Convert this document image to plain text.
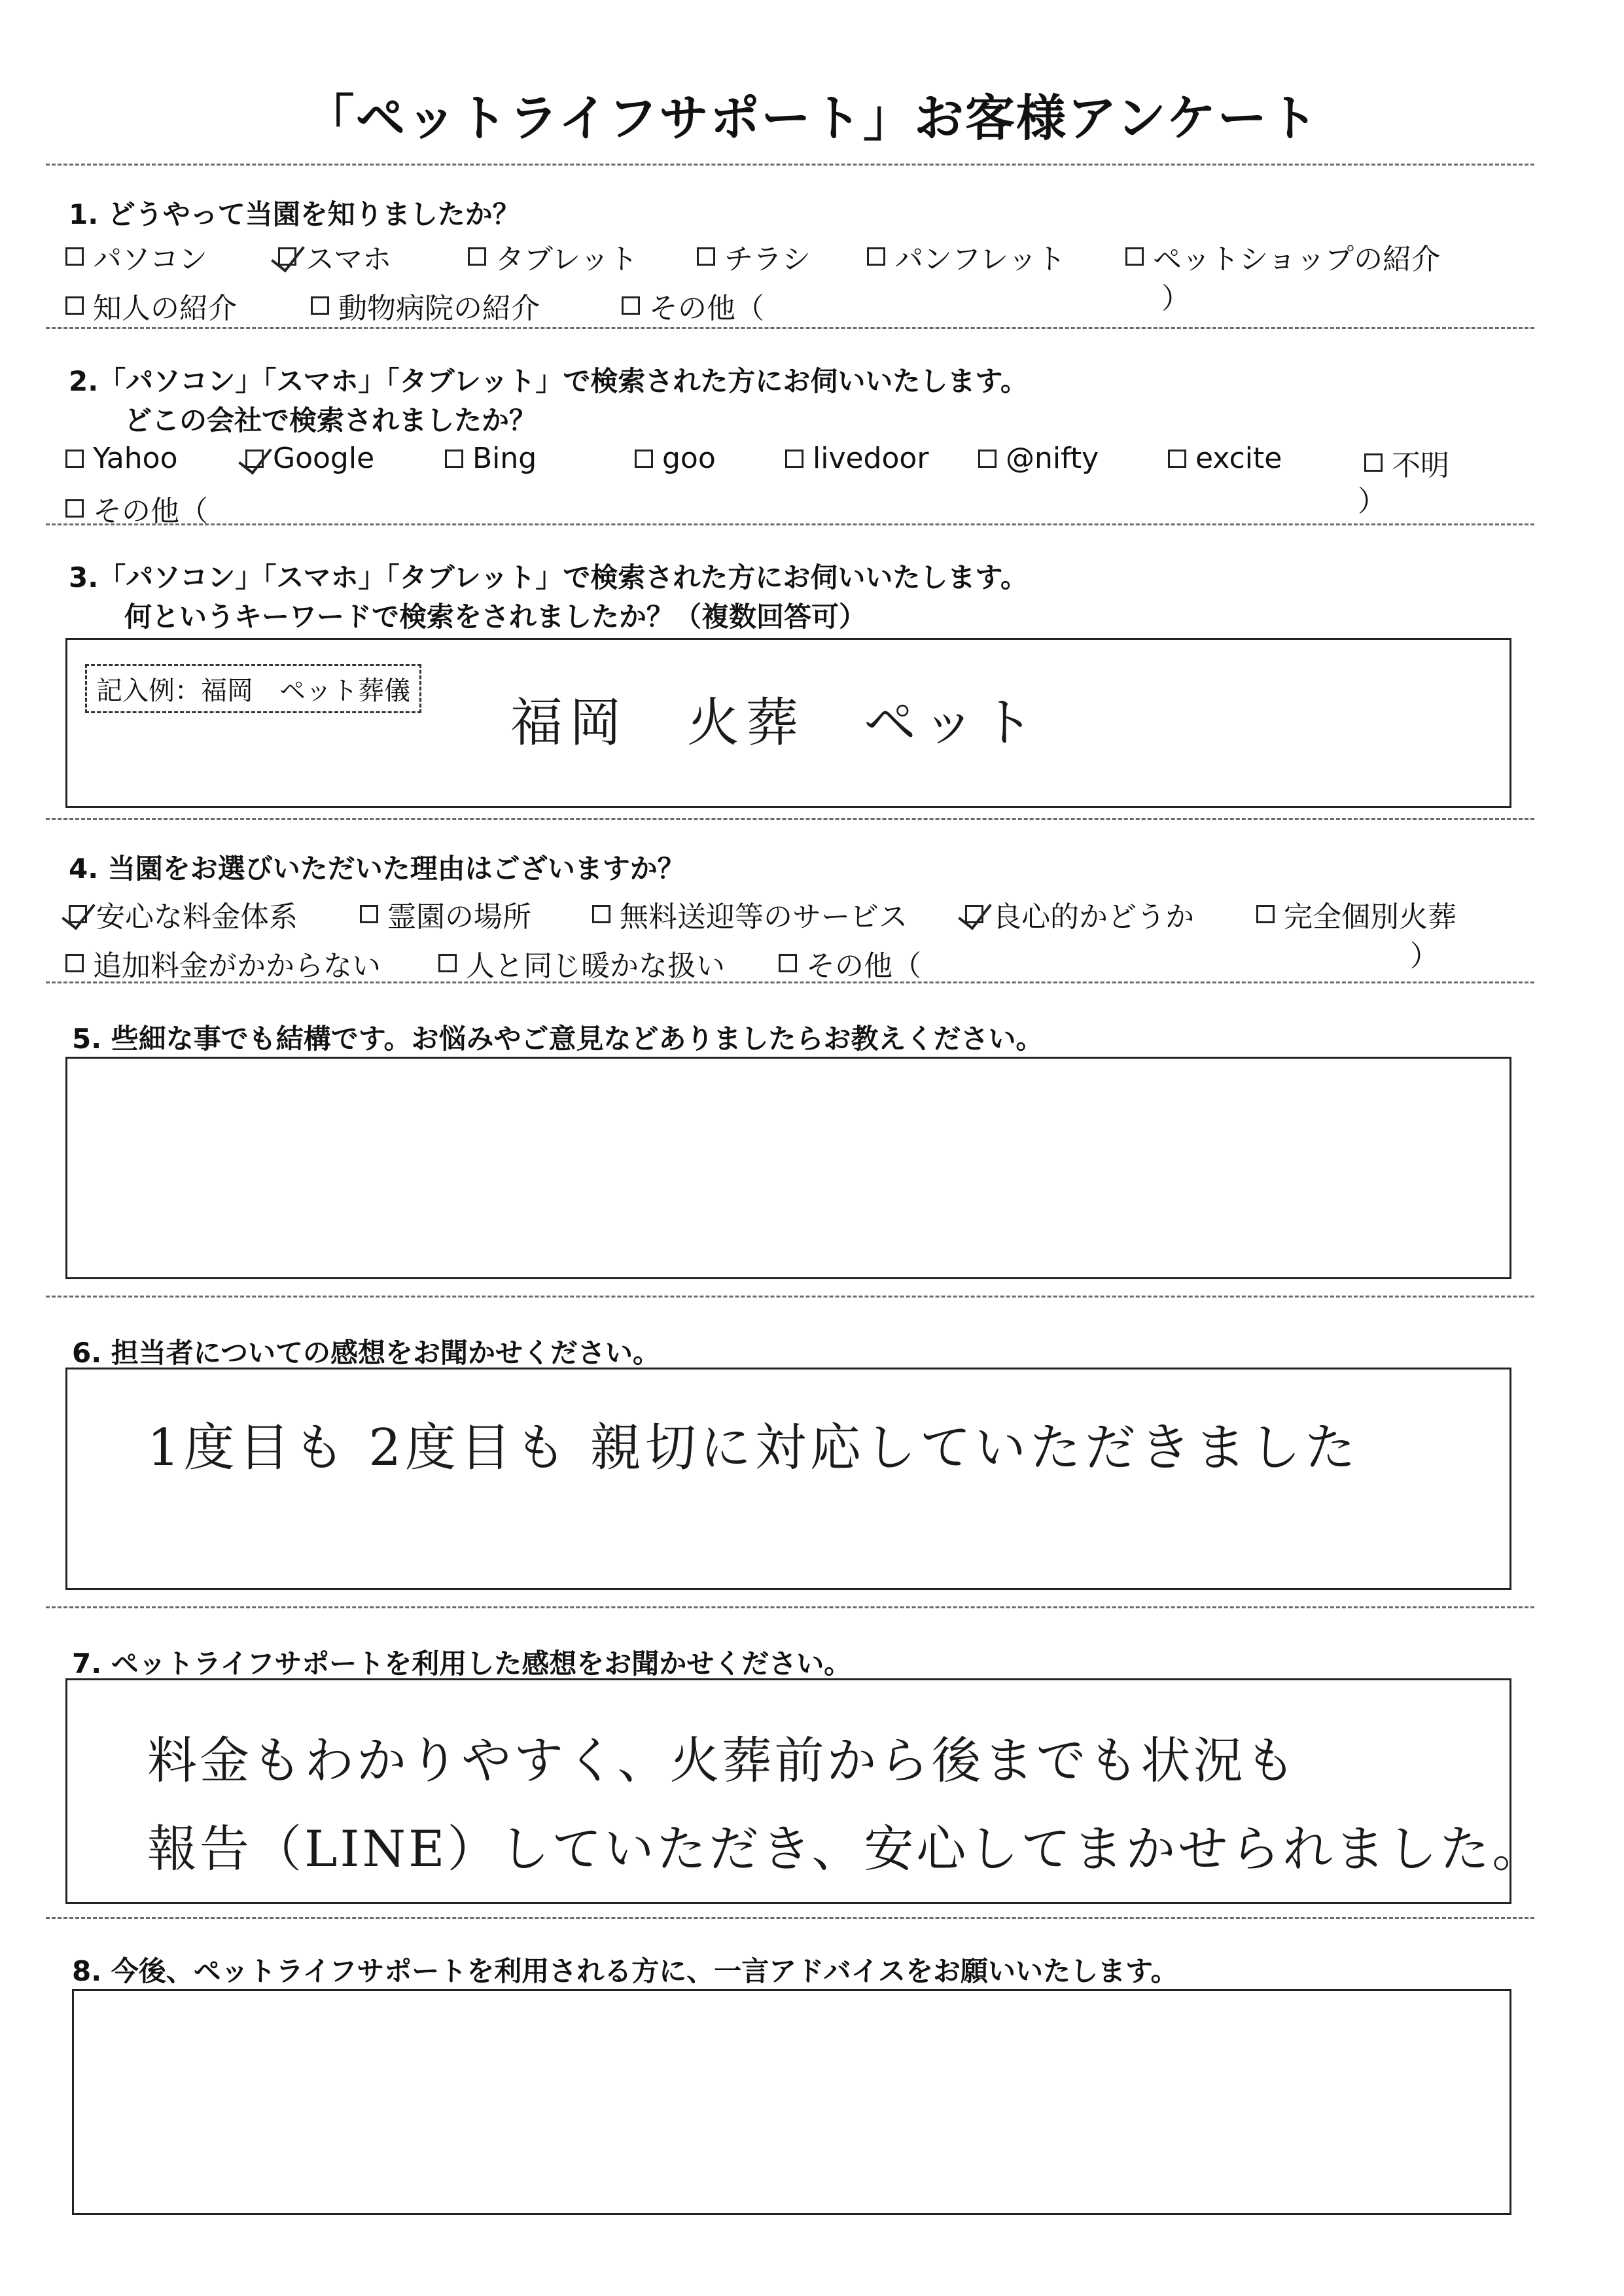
「ペットライフサポート」お客様アンケート
1. どうやって当園を知りましたか？
パソコン	スマホ	タブレット	チラシ	パンフレット	ペットショップの紹介
知人の紹介	動物病院の紹介	その他（	）
2.「パソコン」「スマホ」「タブレット」で検索された方にお伺いいたします。
どこの会社で検索されましたか？
Yahoo	Google	Bing	goo	livedoor	@nifty	excite	不明
その他（	）
3.「パソコン」「スマホ」「タブレット」で検索された方にお伺いいたします。
何というキーワードで検索をされましたか？（複数回答可）
記入例：福岡　ペット葬儀
福岡　火葬　ペット
4. 当園をお選びいただいた理由はございますか？
安心な料金体系	霊園の場所	無料送迎等のサービス	良心的かどうか	完全個別火葬
追加料金がかからない	人と同じ暖かな扱い	その他（	）
5. 些細な事でも結構です。お悩みやご意見などありましたらお教えください。
6. 担当者についての感想をお聞かせください。
1度目も 2度目も 親切に対応していただきました
7. ペットライフサポートを利用した感想をお聞かせください。
料金もわかりやすく、火葬前から後までも状況も
報告（LINE）していただき、安心してまかせられました。
8. 今後、ペットライフサポートを利用される方に、一言アドバイスをお願いいたします。
